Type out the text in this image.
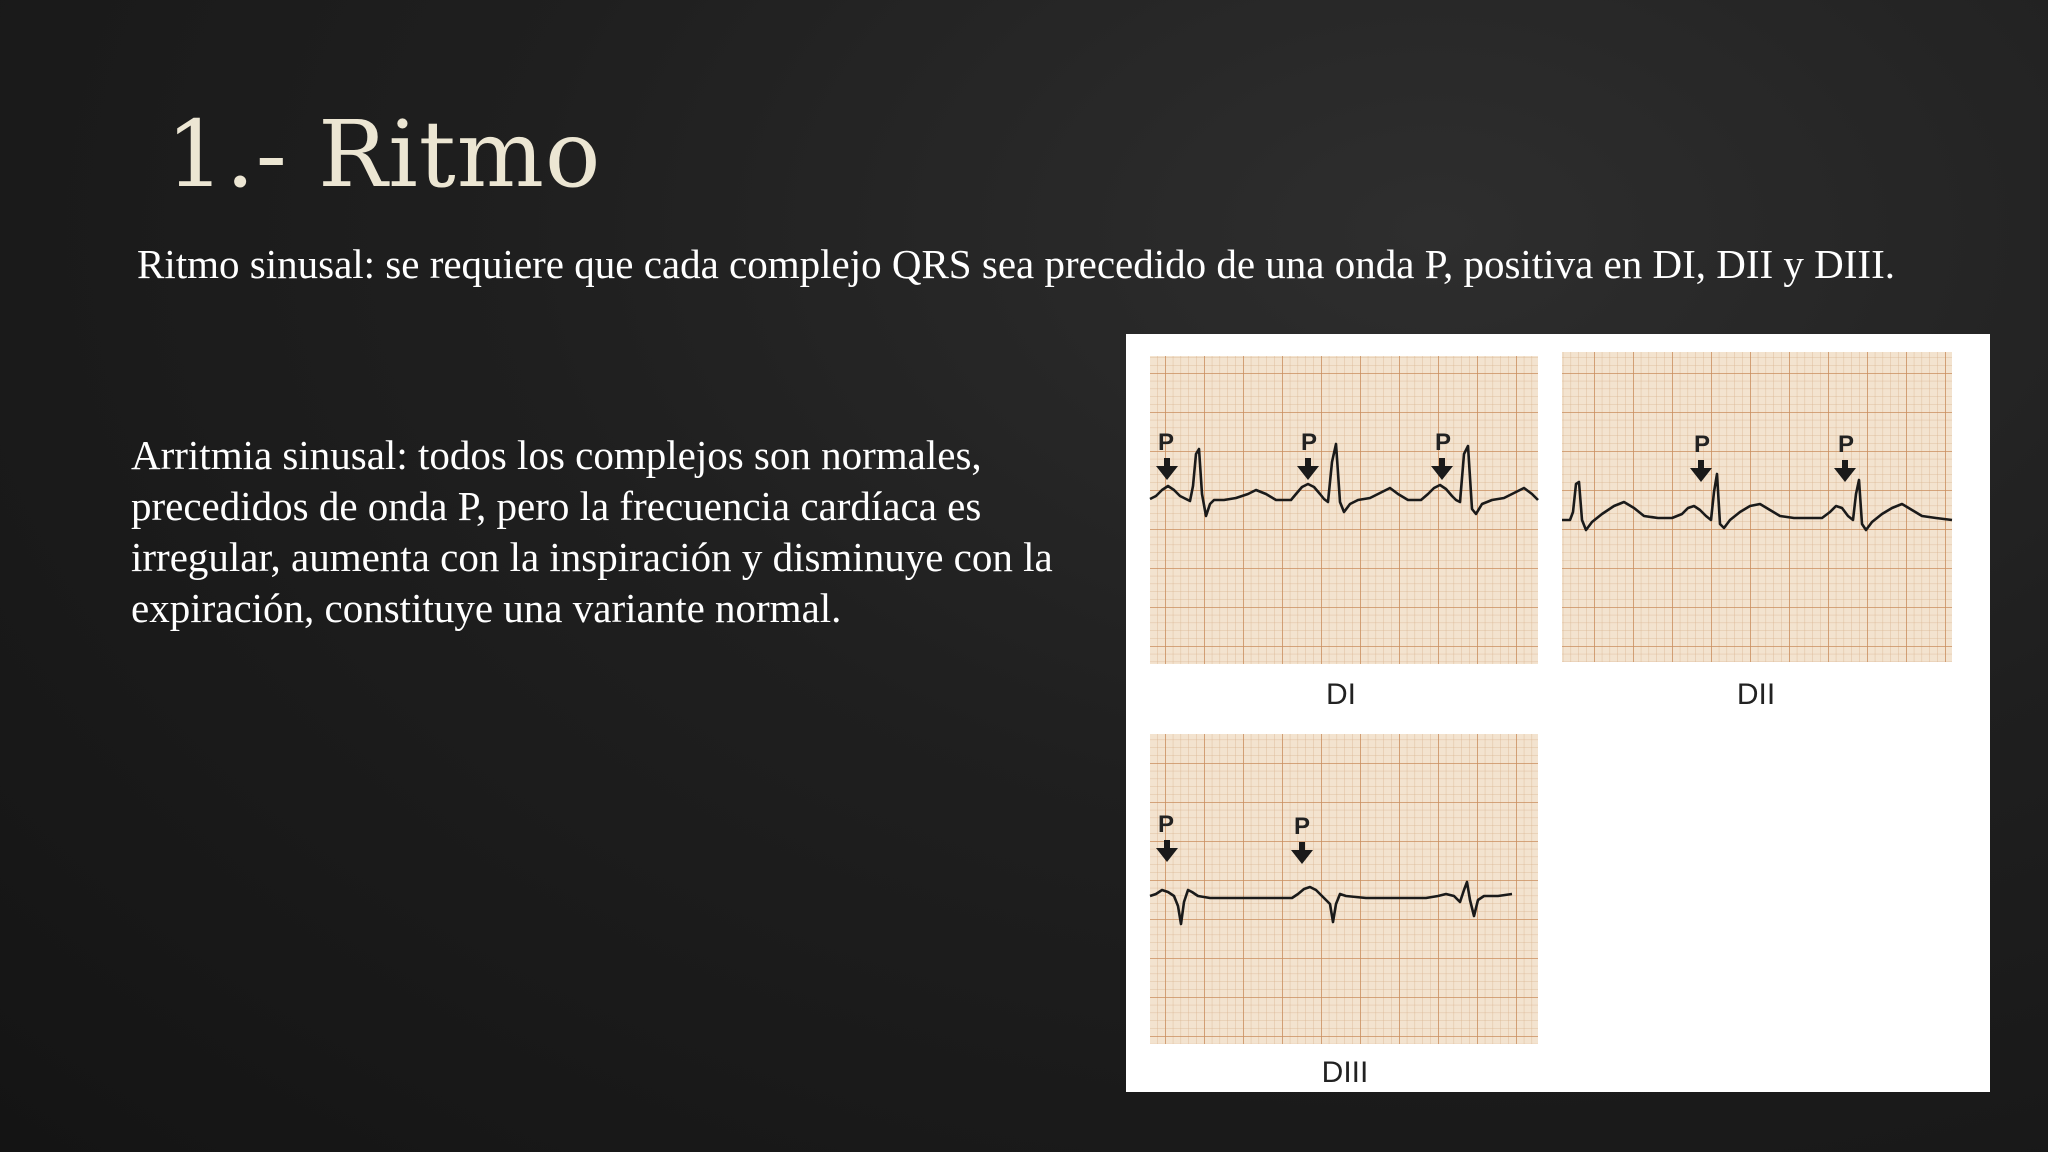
1.- Ritmo

Ritmo sinusal: se requiere que cada complejo QRS sea precedido de una onda P, positiva en DI, DII y DIII.

Arritmia sinusal: todos los complejos son normales, precedidos de onda P, pero la frecuencia cardíaca es irregular, aumenta con la inspiración y disminuye con la expiración, constituye una variante normal.

P	P	P
DI
P	P
DII
P	P
DIII
